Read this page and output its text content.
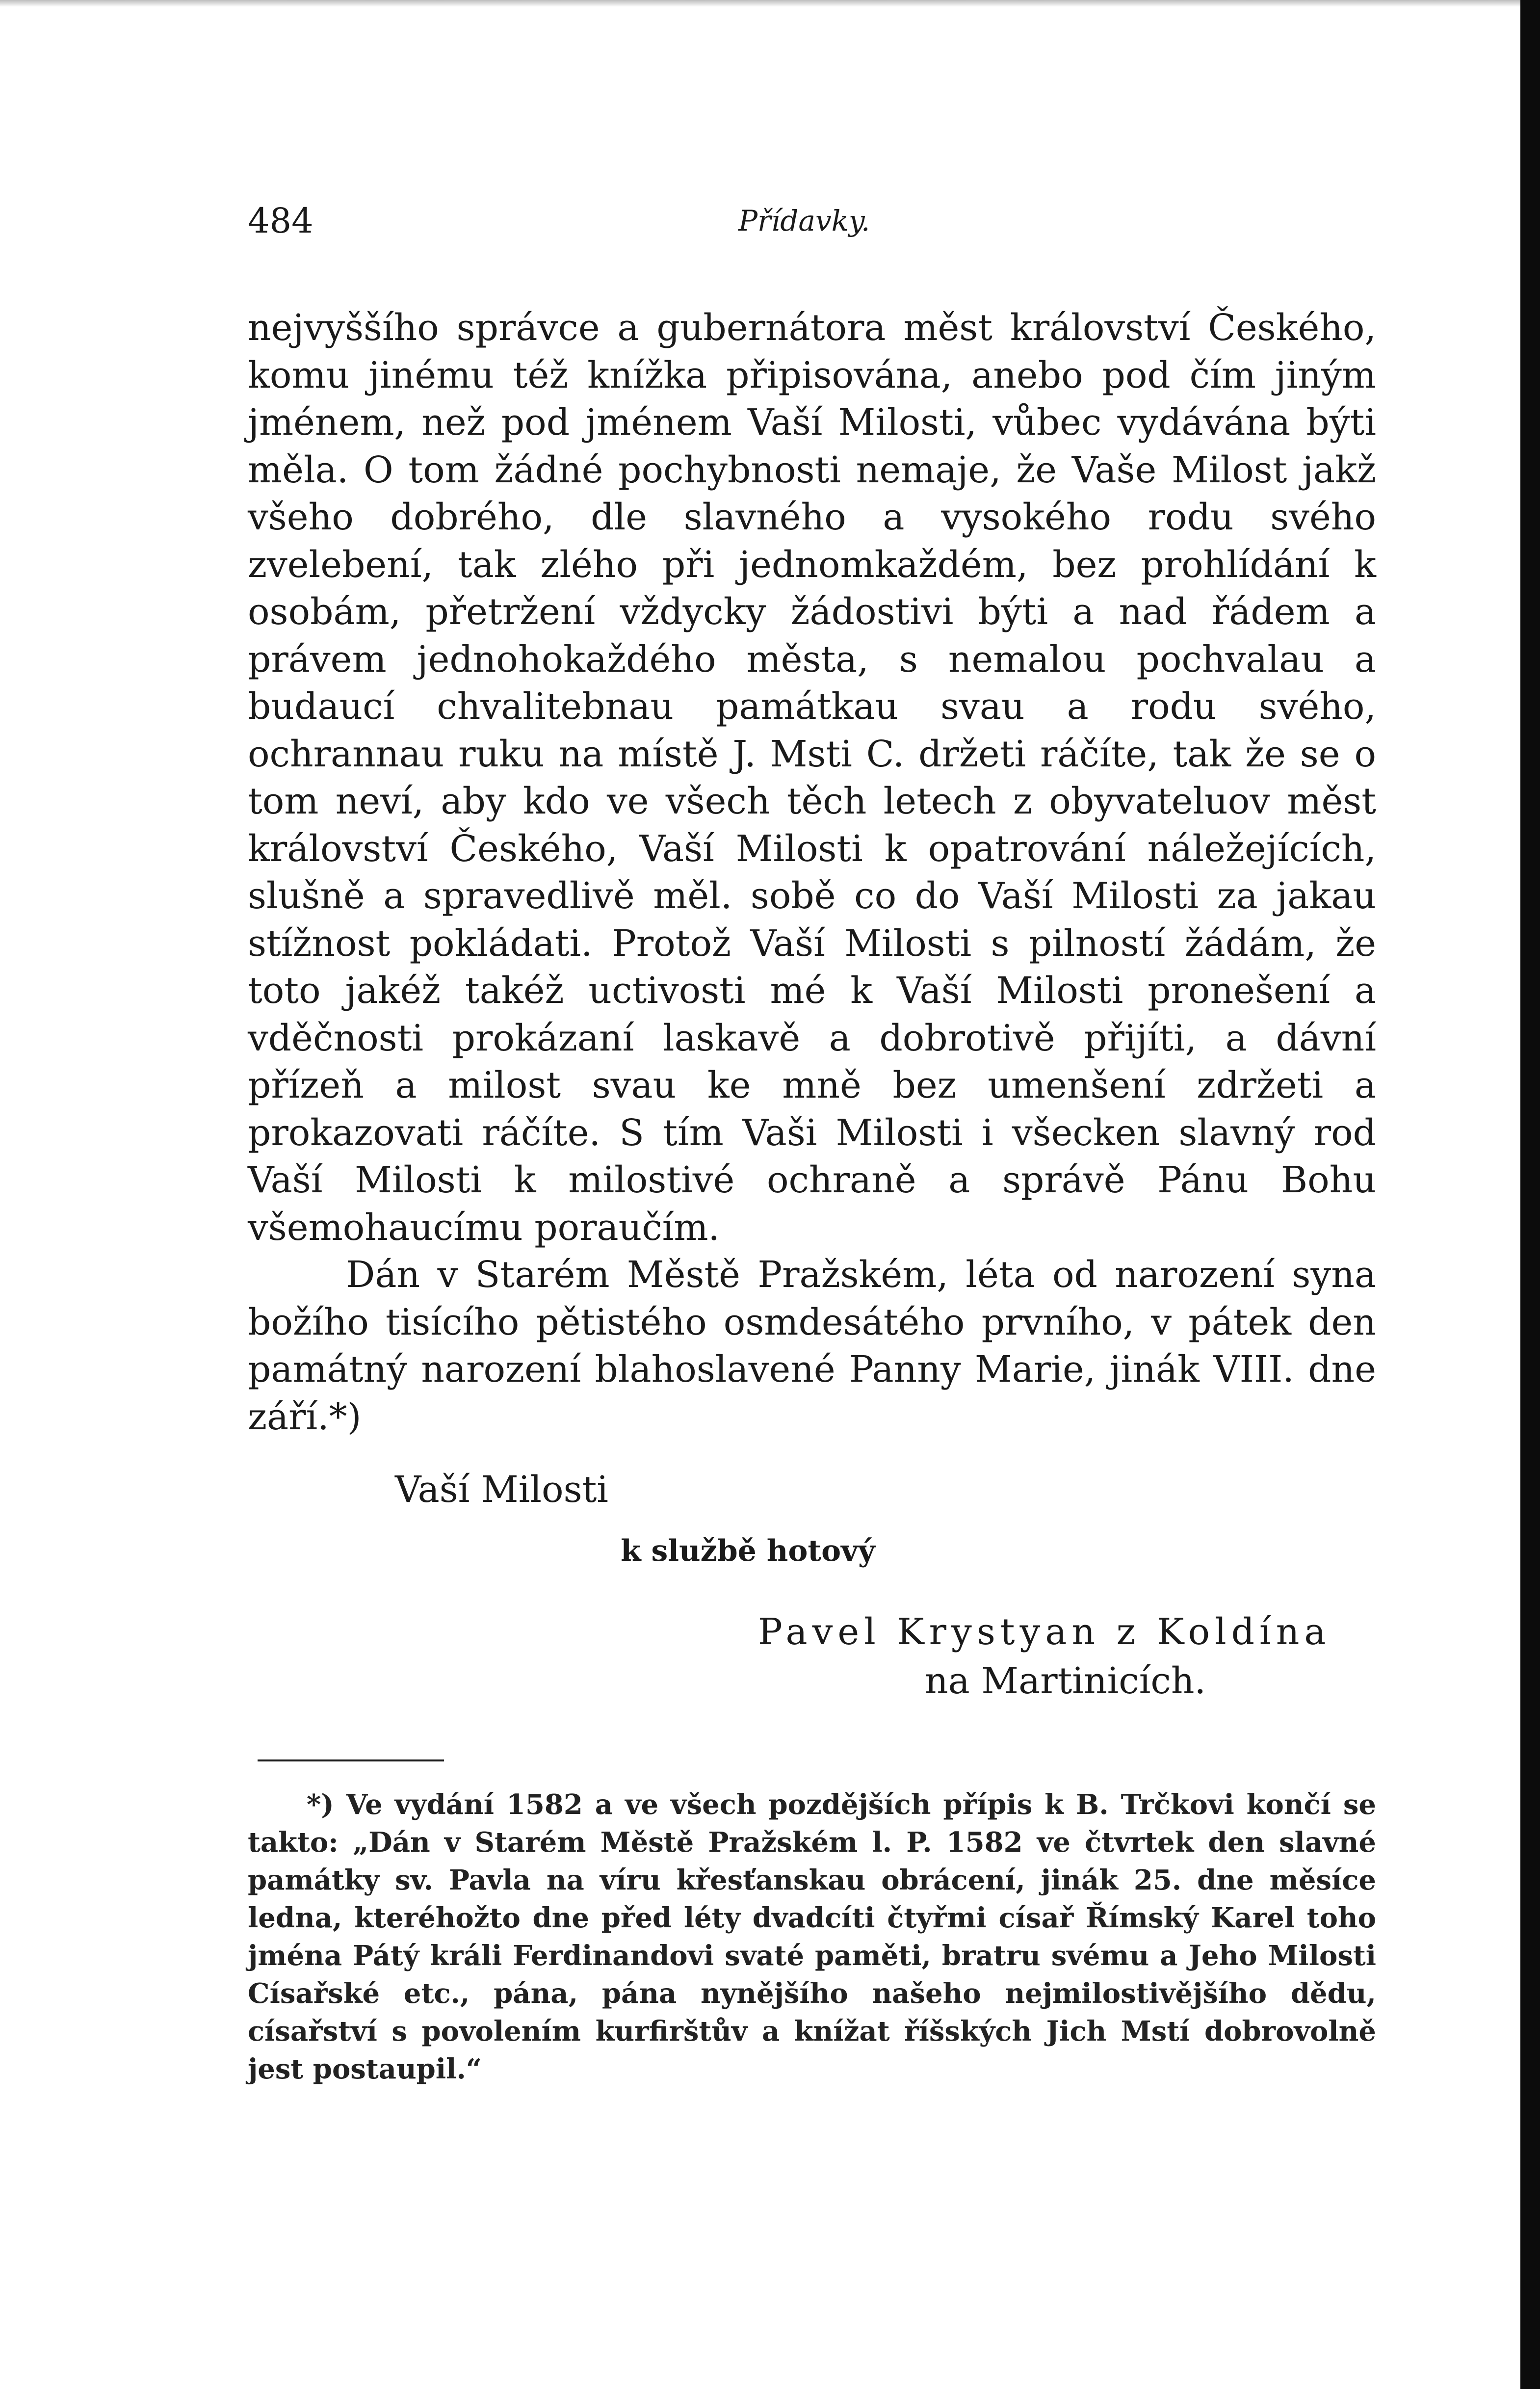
484	Přídavky.

nejvyššího správce a gubernátora měst království Českého, komu jinému též knížka připisována, anebo pod čím jiným jménem, než pod jménem Vaší Milosti, vůbec vydávána býti měla. O tom žádné pochybnosti nemaje, že Vaše Milost jakž všeho dobrého, dle slavného a vysokého rodu svého zvelebení, tak zlého při jednomkaždém, bez prohlídání k osobám, přetržení vždycky žádostivi býti a nad řádem a právem jednohokaždého města, s nemalou pochvalau a budaucí chvalitebnau památkau svau a rodu svého, ochrannau ruku na místě J. Msti C. držeti ráčíte, tak že se o tom neví, aby kdo ve všech těch letech z obyvateluov měst království Českého, Vaší Milosti k opatrování náležejících, slušně a spravedlivě měl. sobě co do Vaší Milosti za jakau stížnost pokládati. Protož Vaší Milosti s pilností žádám, že toto jakéž takéž uctivosti mé k Vaší Milosti pronešení a vděčnosti prokázaní laskavě a dobrotivě přijíti, a dávní přízeň a milost svau ke mně bez umenšení zdržeti a prokazovati ráčíte. S tím Vaši Milosti i všecken slavný rod Vaší Milosti k milostivé ochraně a správě Pánu Bohu všemohaucímu poraučím.

Dán v Starém Městě Pražském, léta od narození syna božího tisícího pětistého osmdesátého prvního, v pátek den památný narození blahoslavené Panny Marie, jinák VIII. dne září.*)

Vaší Milosti
k službě hotový
Pavel Krystyan z Koldína
na Martinicích.

*) Ve vydání 1582 a ve všech pozdějších přípis k B. Trčkovi končí se takto: „Dán v Starém Městě Pražském l. P. 1582 ve čtvrtek den slavné památky sv. Pavla na víru křesťanskau obrácení, jinák 25. dne měsíce ledna, kteréhožto dne před léty dvadcíti čtyřmi císař Římský Karel toho jména Pátý králi Ferdinandovi svaté paměti, bratru svému a Jeho Milosti Císařské etc., pána, pána nynějšího našeho nejmilostivějšího dědu, císařství s povolením kurfirštův a knížat říšských Jich Mstí dobrovolně jest postaupil.“
